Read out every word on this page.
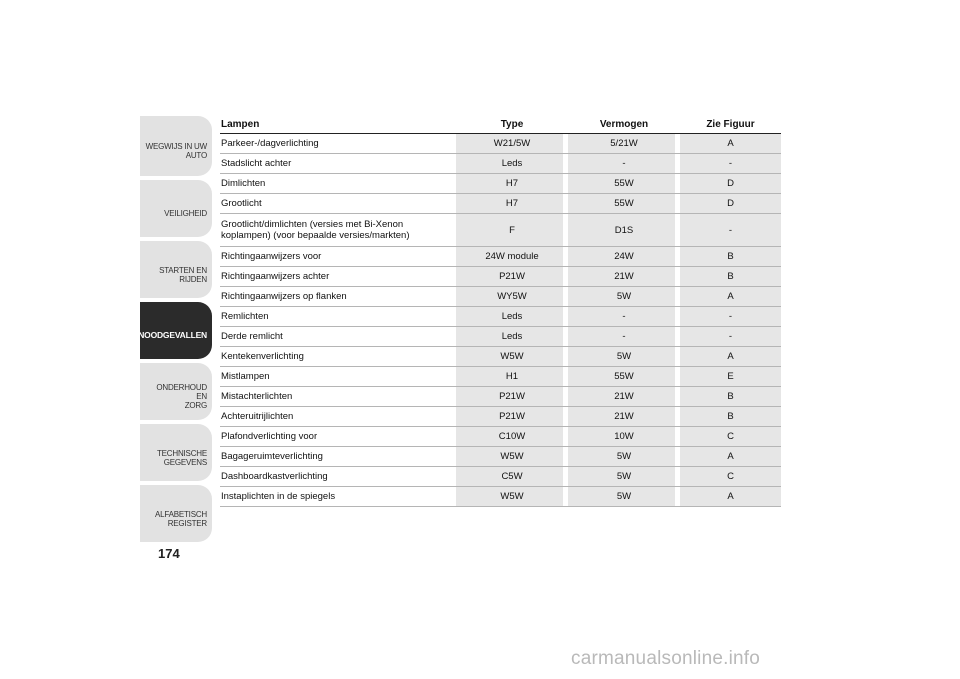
WEGWIJS IN UW
AUTO
VEILIGHEID
STARTEN EN RIJDEN
NOODGEVALLEN
ONDERHOUD EN
ZORG
TECHNISCHE
GEGEVENS
ALFABETISCH
REGISTER
174
Lampen	Type	Vermogen	Zie Figuur
Parkeer-/dagverlichting	W21/5W	5/21W	A
Stadslicht achter	Leds	-	-
Dimlichten	H7	55W	D
Grootlicht	H7	55W	D
Grootlicht/dimlichten (versies met Bi-Xenon koplampen) (voor bepaalde versies/markten)	F	D1S	-
Richtingaanwijzers voor	24W module	24W	B
Richtingaanwijzers achter	P21W	21W	B
Richtingaanwijzers op flanken	WY5W	5W	A
Remlichten	Leds	-	-
Derde remlicht	Leds	-	-
Kentekenverlichting	W5W	5W	A
Mistlampen	H1	55W	E
Mistachterlichten	P21W	21W	B
Achteruitrijlichten	P21W	21W	B
Plafondverlichting voor	C10W	10W	C
Bagageruimteverlichting	W5W	5W	A
Dashboardkastverlichting	C5W	5W	C
Instaplichten in de spiegels	W5W	5W	A
carmanualsonline.info
